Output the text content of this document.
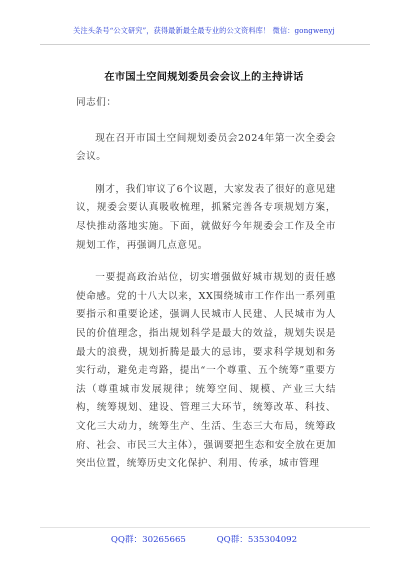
关注头条号“公文研究”，获得最新最全最专业的公文资料库！ 微信：gongwenyj
在市国土空间规划委员会会议上的主持讲话

同志们：

现在召开市国土空间规划委员会2024年第一次全委会会议。

刚才，我们审议了6个议题，大家发表了很好的意见建议，规委会要认真吸收梳理，抓紧完善各专项规划方案，尽快推动落地实施。下面，就做好今年规委会工作及全市规划工作，再强调几点意见。

一要提高政治站位，切实增强做好城市规划的责任感使命感。党的十八大以来，XX围绕城市工作作出一系列重要指示和重要论述，强调人民城市人民建、人民城市为人民的价值理念，指出规划科学是最大的效益，规划失误是最大的浪费，规划折腾是最大的忌讳，要求科学规划和务实行动，避免走弯路，提出“一个尊重、五个统筹”重要方法（尊重城市发展规律；统筹空间、规模、产业三大结构，统筹规划、建设、管理三大环节，统筹改革、科技、文化三大动力，统筹生产、生活、生态三大布局，统筹政府、社会、市民三大主体），强调要把生态和安全放在更加突出位置，统筹历史文化保护、利用、传承，城市管理

QQ群：30265665	QQ群：535304092
